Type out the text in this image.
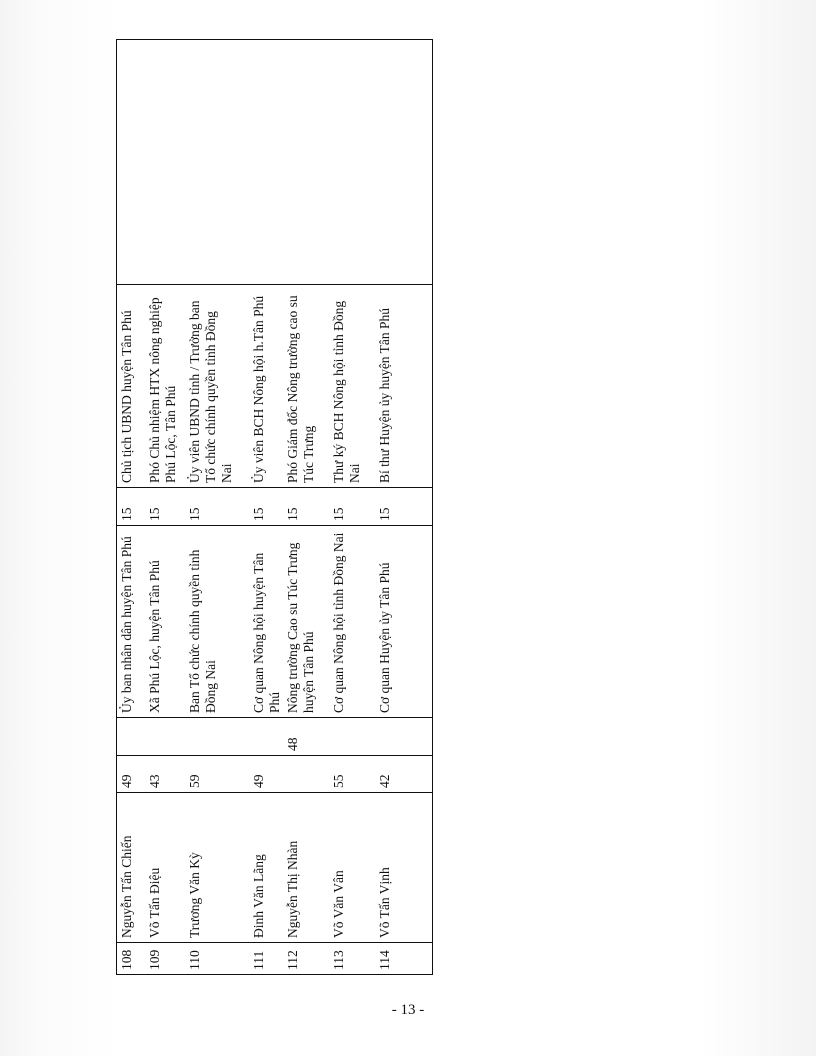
108	Nguyễn Tấn Chiến	49		Ủy ban nhân dân huyện Tân Phú	15	Chủ tịch UBND huyện Tân Phú	
109	Võ Tấn Điệu	43		Xã Phú Lộc, huyện Tân Phú	15	Phó Chủ nhiệm HTX nông nghiệp Phú Lộc, Tân Phú	
110	Trương Văn Kỳ	59		Ban Tổ chức chính quyền tỉnh Đồng Nai	15	Ủy viên UBND tỉnh / Trưởng ban Tổ chức chính quyền tỉnh Đồng Nai	
111	Đinh Văn Lãng	49		Cơ quan Nông hội huyện Tân Phú	15	Ủy viên BCH Nông hội h.Tân Phú	
112	Nguyễn Thị Nhàn		48	Nông trường Cao su Túc Trưng huyện Tân Phú	15	Phó Giám đốc Nông trường cao su Túc Trưng	
113	Võ Văn Vân	55		Cơ quan Nông hội tỉnh Đồng Nai	15	Thư ký BCH Nông hội tỉnh Đồng Nai	
114	Võ Tấn Vịnh	42		Cơ quan Huyện ủy Tân Phú	15	Bí thư Huyện ủy huyện Tân Phú	
- 13 -
